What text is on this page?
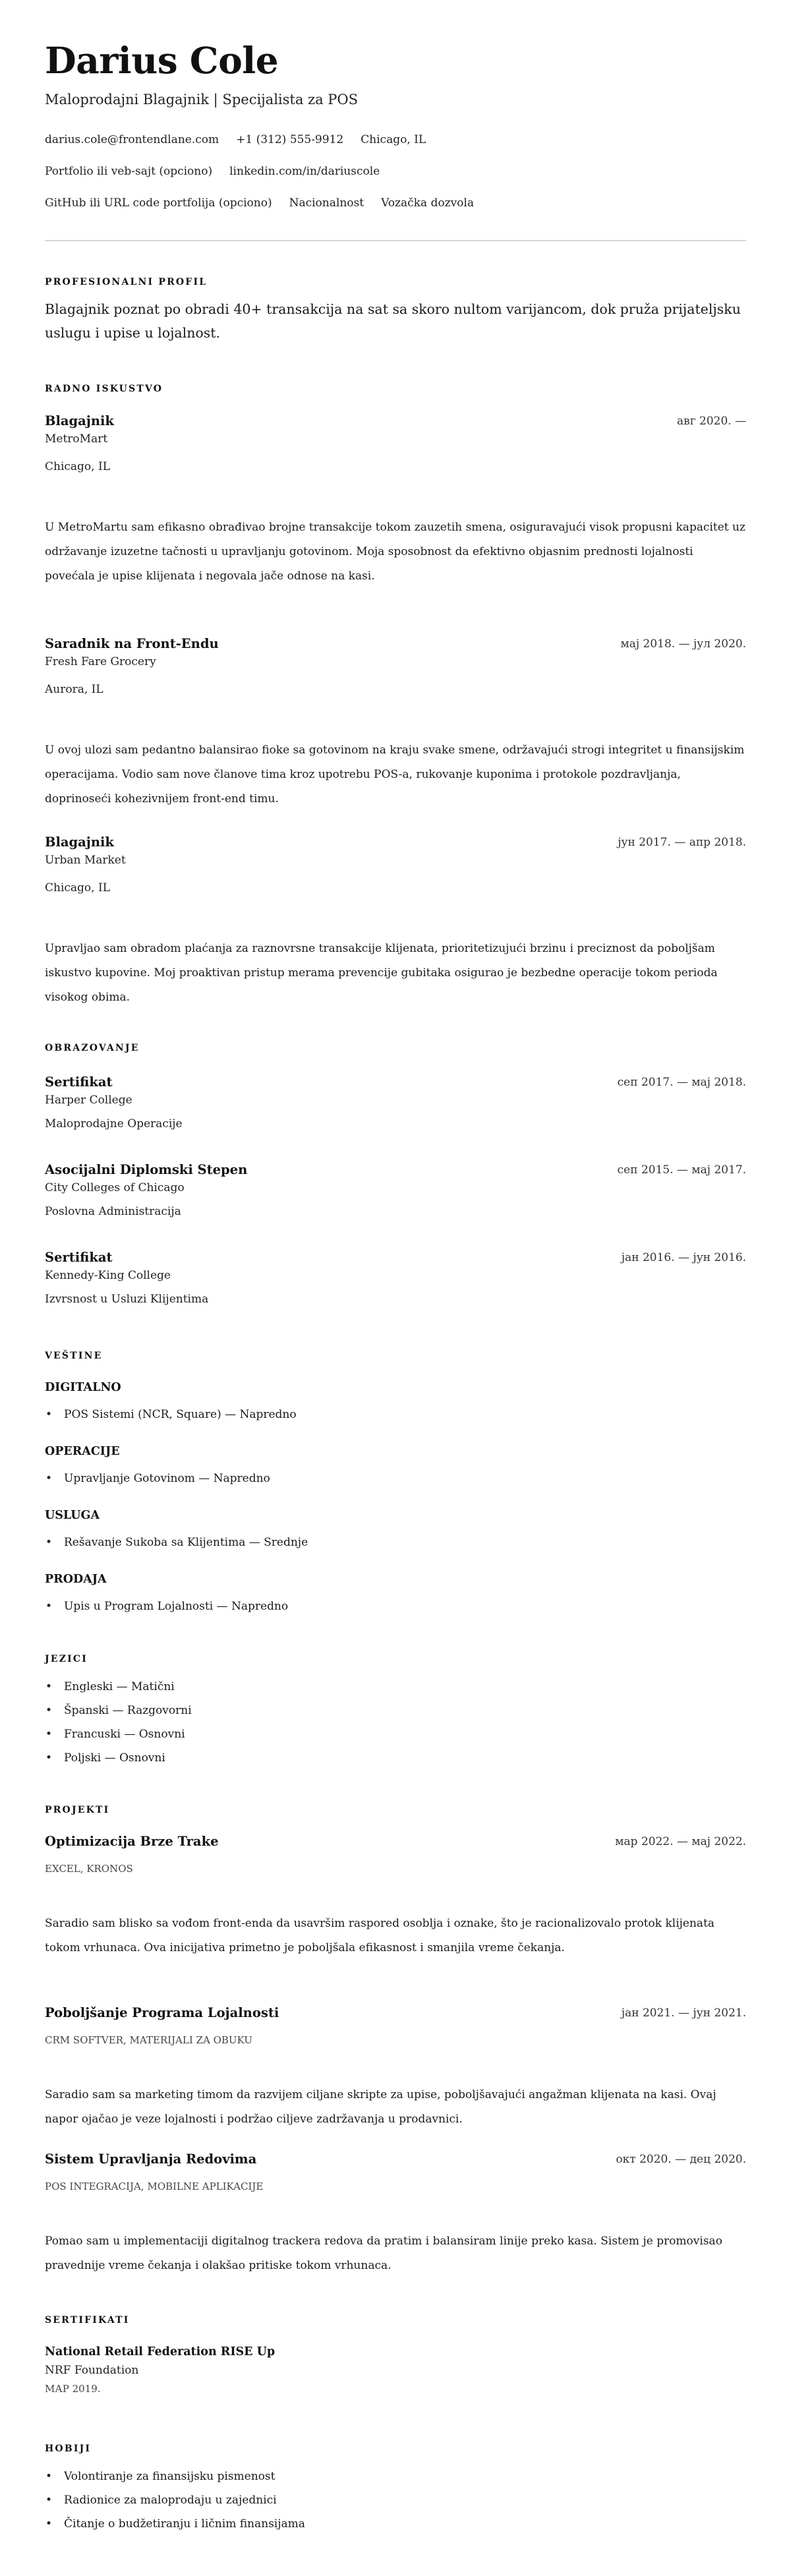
Darius Cole
Maloprodajni Blagajnik | Specijalista za POS
darius.cole@frontendlane.com +1 (312) 555-9912 Chicago, IL
Portfolio ili veb-sajt (opciono) linkedin.com/in/dariuscole
GitHub ili URL code portfolija (opciono) Nacionalnost Vozačka dozvola
PROFESIONALNI PROFIL
Blagajnik poznat po obradi 40+ transakcija na sat sa skoro nultom varijancom, dok pruža prijateljsku uslugu i upise u lojalnost.
RADNO ISKUSTVO
Blagajnik	авг 2020. —
MetroMart
Chicago, IL
U MetroMartu sam efikasno obrađivao brojne transakcije tokom zauzetih smena, osiguravajući visok propusni kapacitet uz održavanje izuzetne tačnosti u upravljanju gotovinom. Moja sposobnost da efektivno objasnim prednosti lojalnosti povećala je upise klijenata i negovala jače odnose na kasi.
Saradnik na Front-Endu	мај 2018. — јул 2020.
Fresh Fare Grocery
Aurora, IL
U ovoj ulozi sam pedantno balansirao fioke sa gotovinom na kraju svake smene, održavajući strogi integritet u finansijskim operacijama. Vodio sam nove članove tima kroz upotrebu POS-a, rukovanje kuponima i protokole pozdravljanja, doprinoseći kohezivnijem front-end timu.
Blagajnik	јун 2017. — апр 2018.
Urban Market
Chicago, IL
Upravljao sam obradom plaćanja za raznovrsne transakcije klijenata, prioritetizujući brzinu i preciznost da poboljšam iskustvo kupovine. Moj proaktivan pristup merama prevencije gubitaka osigurao je bezbedne operacije tokom perioda visokog obima.
OBRAZOVANJE
Sertifikat	сеп 2017. — мај 2018.
Harper College
Maloprodajne Operacije
Asocijalni Diplomski Stepen	сеп 2015. — мај 2017.
City Colleges of Chicago
Poslovna Administracija
Sertifikat	јан 2016. — јун 2016.
Kennedy-King College
Izvrsnost u Usluzi Klijentima
VEŠTINE
DIGITALNO
• POS Sistemi (NCR, Square) — Napredno
OPERACIJE
• Upravljanje Gotovinom — Napredno
USLUGA
• Rešavanje Sukoba sa Klijentima — Srednje
PRODAJA
• Upis u Program Lojalnosti — Napredno
JEZICI
• Engleski — Matični
• Španski — Razgovorni
• Francuski — Osnovni
• Poljski — Osnovni
PROJEKTI
Optimizacija Brze Trake	мар 2022. — мај 2022.
EXCEL, KRONOS
Saradio sam blisko sa vođom front-enda da usavršim raspored osoblja i oznake, što je racionalizovalo protok klijenata tokom vrhunaca. Ova inicijativa primetno je poboljšala efikasnost i smanjila vreme čekanja.
Poboljšanje Programa Lojalnosti	јан 2021. — јун 2021.
CRM SOFTVER, MATERIJALI ZA OBUKU
Saradio sam sa marketing timom da razvijem ciljane skripte za upise, poboljšavajući angažman klijenata na kasi. Ovaj napor ojačao je veze lojalnosti i podržao ciljeve zadržavanja u prodavnici.
Sistem Upravljanja Redovima	окт 2020. — дец 2020.
POS INTEGRACIJA, MOBILNE APLIKACIJE
Pomao sam u implementaciji digitalnog trackera redova da pratim i balansiram linije preko kasa. Sistem je promovisao pravednije vreme čekanja i olakšao pritiske tokom vrhunaca.
SERTIFIKATI
National Retail Federation RISE Up
NRF Foundation
МАР 2019.
HOBIJI
• Volontiranje za finansijsku pismenost
• Radionice za maloprodaju u zajednici
• Čitanje o budžetiranju i ličnim finansijama
